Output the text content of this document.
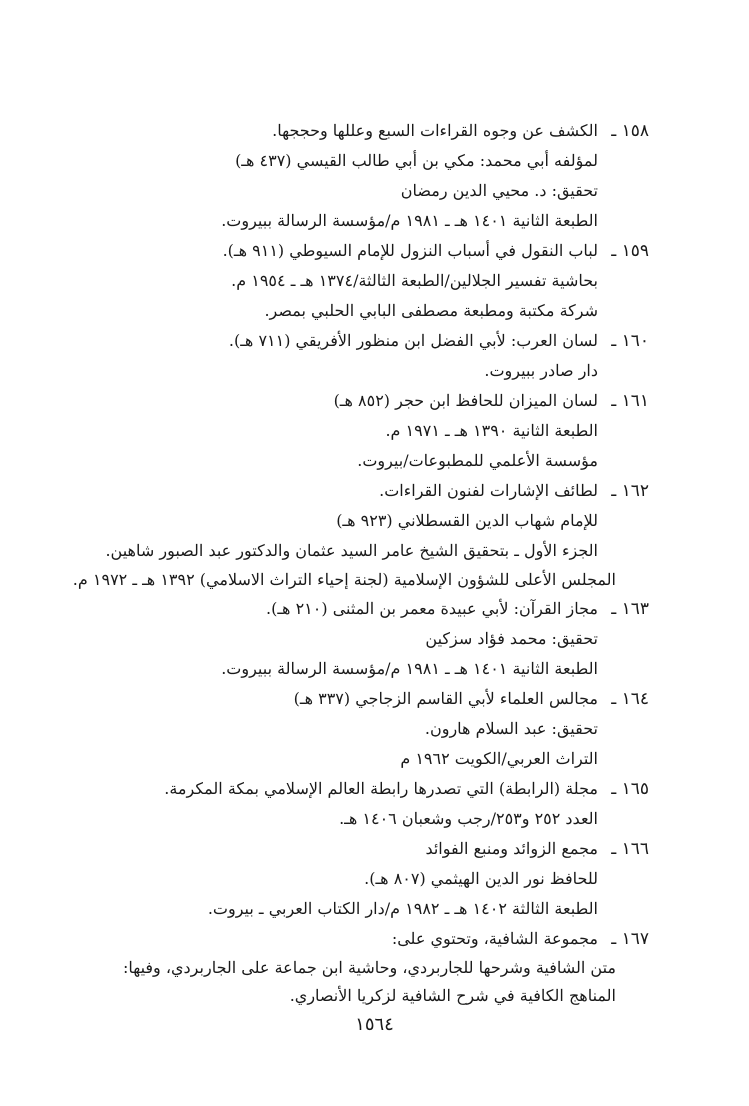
١٥٨ ـ
الكشف عن وجوه القراءات السبع وعللها وحججها.
لمؤلفه أبي محمد: مكي بن أبي طالب القيسي (٤٣٧ هـ)
تحقيق: د. محيي الدين رمضان
الطبعة الثانية ١٤٠١ هـ ـ ١٩٨١ م/مؤسسة الرسالة ببيروت.
١٥٩ ـ
لباب النقول في أسباب النزول للإمام السيوطي (٩١١ هـ).
بحاشية تفسير الجلالين/الطبعة الثالثة/١٣٧٤ هـ ـ ١٩٥٤ م.
شركة مكتبة ومطبعة مصطفى البابي الحلبي بمصر.
١٦٠ ـ
لسان العرب: لأبي الفضل ابن منظور الأفريقي (٧١١ هـ).
دار صادر ببيروت.
١٦١ ـ
لسان الميزان للحافظ ابن حجر (٨٥٢ هـ)
الطبعة الثانية ١٣٩٠ هـ ـ ١٩٧١ م.
مؤسسة الأعلمي للمطبوعات/بيروت.
١٦٢ ـ
لطائف الإشارات لفنون القراءات.
للإمام شهاب الدين القسطلاني (٩٢٣ هـ)
الجزء الأول ـ بتحقيق الشيخ عامر السيد عثمان والدكتور عبد الصبور شاهين.
المجلس الأعلى للشؤون الإسلامية (لجنة إحياء التراث الاسلامي) ١٣٩٢ هـ ـ ١٩٧٢ م.
١٦٣ ـ
مجاز القرآن: لأبي عبيدة معمر بن المثنى (٢١٠ هـ).
تحقيق: محمد فؤاد سزكين
الطبعة الثانية ١٤٠١ هـ ـ ١٩٨١ م/مؤسسة الرسالة ببيروت.
١٦٤ ـ
مجالس العلماء لأبي القاسم الزجاجي (٣٣٧ هـ)
تحقيق: عبد السلام هارون.
التراث العربي/الكويت ١٩٦٢ م
١٦٥ ـ
مجلة (الرابطة) التي تصدرها رابطة العالم الإسلامي بمكة المكرمة.
العدد ٢٥٢ و٢٥٣/رجب وشعبان ١٤٠٦ هـ.
١٦٦ ـ
مجمع الزوائد ومنبع الفوائد
للحافظ نور الدين الهيثمي (٨٠٧ هـ).
الطبعة الثالثة ١٤٠٢ هـ ـ ١٩٨٢ م/دار الكتاب العربي ـ بيروت.
١٦٧ ـ
مجموعة الشافية، وتحتوي على:
متن الشافية وشرحها للجاربردي، وحاشية ابن جماعة على الجاربردي، وفيها:
المناهج الكافية في شرح الشافية لزكريا الأنصاري.
١٥٦٤
